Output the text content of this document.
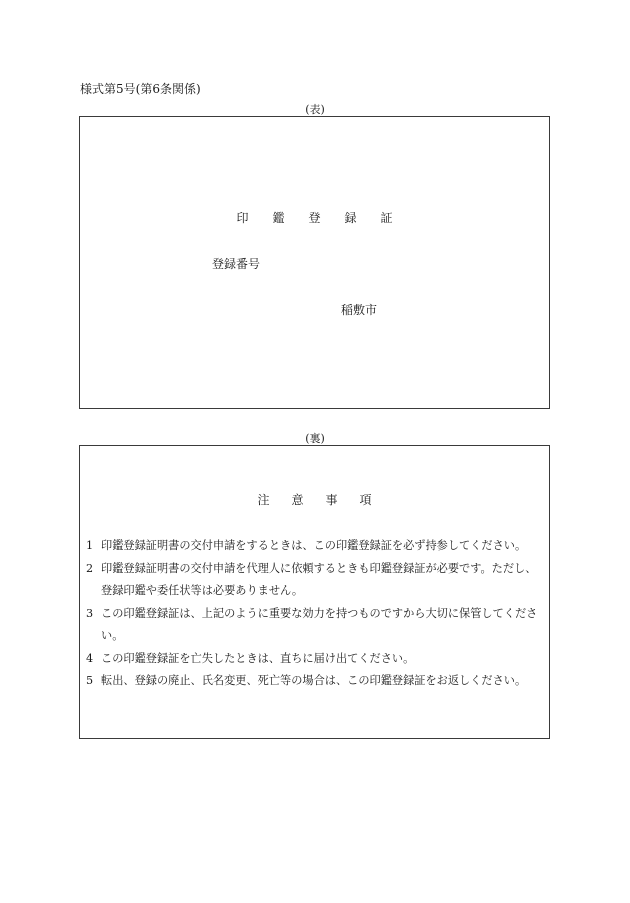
様式第5号(第6条関係)
(表)
印 鑑 登 録 証
登録番号
稲敷市
(裏)
注 意 事 項
1 印鑑登録証明書の交付申請をするときは、この印鑑登録証を必ず持参してください。
2 印鑑登録証明書の交付申請を代理人に依頼するときも印鑑登録証が必要です。ただし、登録印鑑や委任状等は必要ありません。
3 この印鑑登録証は、上記のように重要な効力を持つものですから大切に保管してください。
4 この印鑑登録証を亡失したときは、直ちに届け出てください。
5 転出、登録の廃止、氏名変更、死亡等の場合は、この印鑑登録証をお返しください。
